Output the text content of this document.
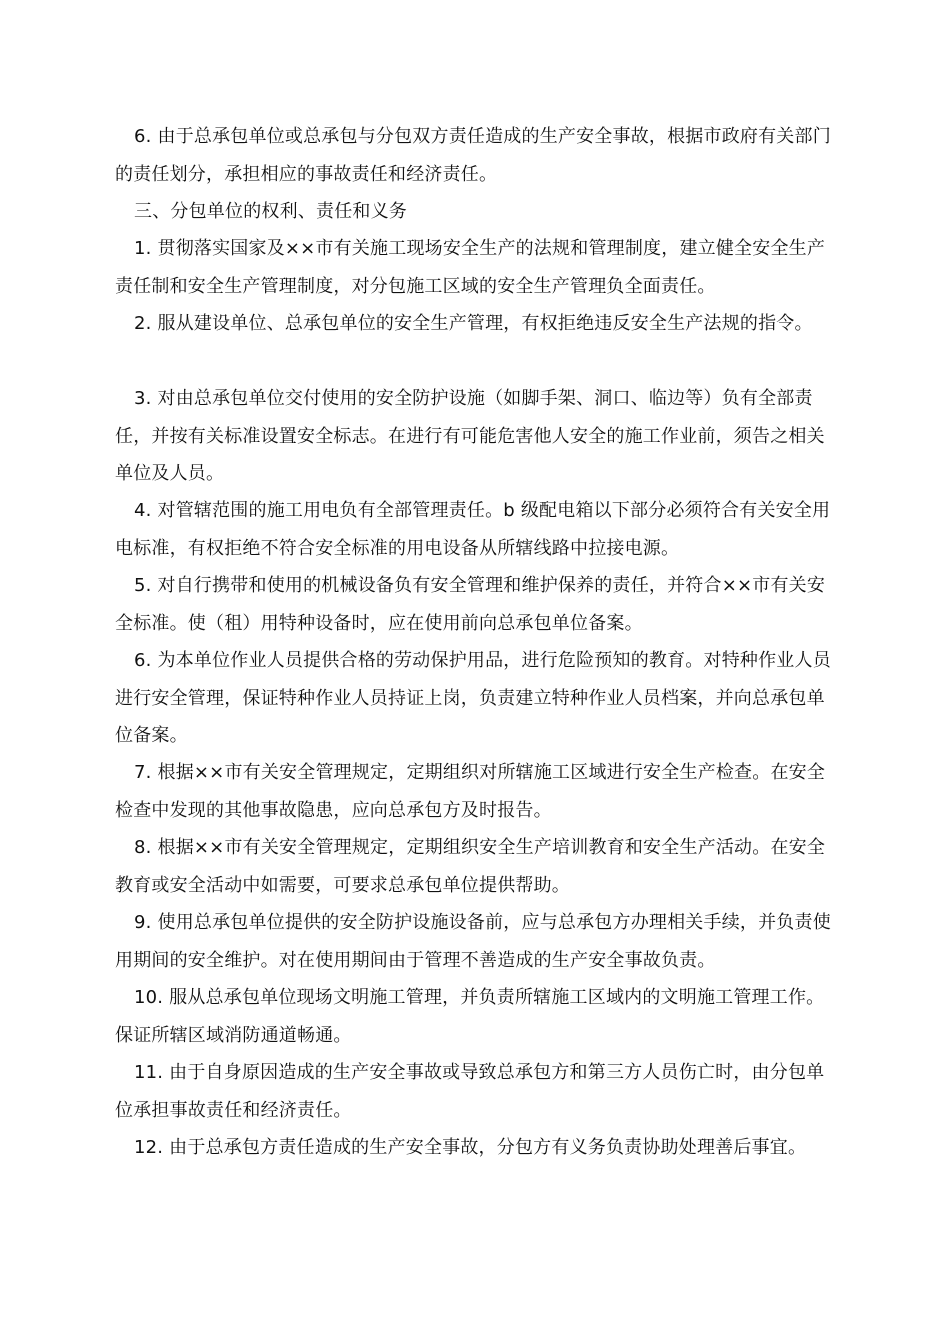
6. 由于总承包单位或总承包与分包双方责任造成的生产安全事故，根据市政府有关部门的责任划分，承担相应的事故责任和经济责任。

三、分包单位的权利、责任和义务

1. 贯彻落实国家及××市有关施工现场安全生产的法规和管理制度，建立健全安全生产责任制和安全生产管理制度，对分包施工区域的安全生产管理负全面责任。

2. 服从建设单位、总承包单位的安全生产管理，有权拒绝违反安全生产法规的指令。

3. 对由总承包单位交付使用的安全防护设施（如脚手架、洞口、临边等）负有全部责任，并按有关标准设置安全标志。在进行有可能危害他人安全的施工作业前，须告之相关单位及人员。

4. 对管辖范围的施工用电负有全部管理责任。b 级配电箱以下部分必须符合有关安全用电标准，有权拒绝不符合安全标准的用电设备从所辖线路中拉接电源。

5. 对自行携带和使用的机械设备负有安全管理和维护保养的责任，并符合××市有关安全标准。使（租）用特种设备时，应在使用前向总承包单位备案。

6. 为本单位作业人员提供合格的劳动保护用品，进行危险预知的教育。对特种作业人员进行安全管理，保证特种作业人员持证上岗，负责建立特种作业人员档案，并向总承包单位备案。

7. 根据××市有关安全管理规定，定期组织对所辖施工区域进行安全生产检查。在安全检查中发现的其他事故隐患，应向总承包方及时报告。

8. 根据××市有关安全管理规定，定期组织安全生产培训教育和安全生产活动。在安全教育或安全活动中如需要，可要求总承包单位提供帮助。

9. 使用总承包单位提供的安全防护设施设备前，应与总承包方办理相关手续，并负责使用期间的安全维护。对在使用期间由于管理不善造成的生产安全事故负责。

10. 服从总承包单位现场文明施工管理，并负责所辖施工区域内的文明施工管理工作。保证所辖区域消防通道畅通。

11. 由于自身原因造成的生产安全事故或导致总承包方和第三方人员伤亡时，由分包单位承担事故责任和经济责任。

12. 由于总承包方责任造成的生产安全事故，分包方有义务负责协助处理善后事宜。
